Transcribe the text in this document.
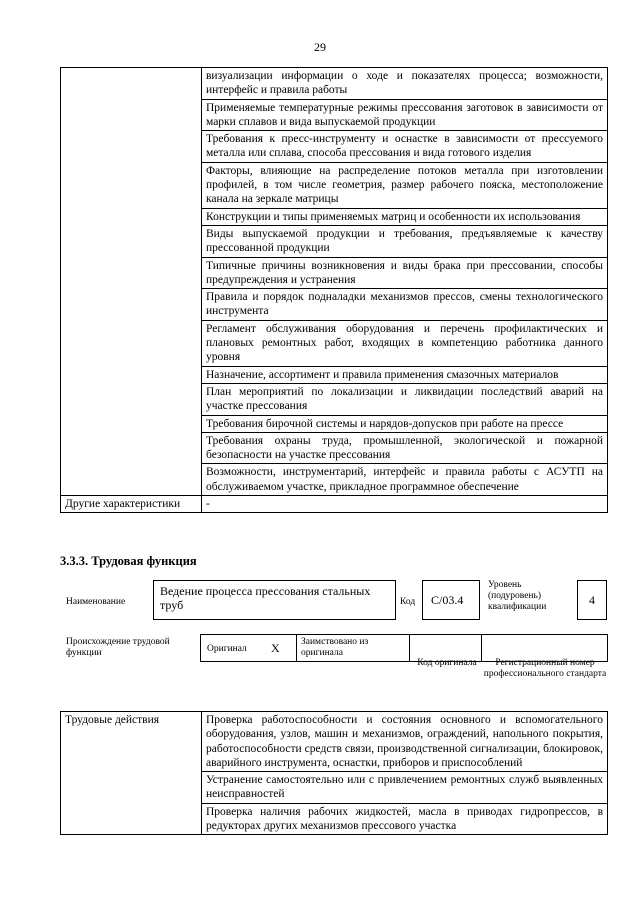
29
	визуализации информации о ходе и показателях процесса; возможности, интерфейс и правила работы
	Применяемые температурные режимы прессования заготовок в зависимости от марки сплавов и вида выпускаемой продукции
	Требования к пресс-инструменту и оснастке в зависимости от прессуемого металла или сплава, способа прессования и вида готового изделия
	Факторы, влияющие на распределение потоков металла при изготовлении профилей, в том числе геометрия, размер рабочего пояска, местоположение канала на зеркале матрицы
	Конструкции и типы применяемых матриц и особенности их использования
	Виды выпускаемой продукции и требования, предъявляемые к качеству прессованной продукции
	Типичные причины возникновения и виды брака при прессовании, способы предупреждения и устранения
	Правила и порядок подналадки механизмов прессов, смены технологического инструмента
	Регламент обслуживания оборудования и перечень профилактических и плановых ремонтных работ, входящих в компетенцию работника данного уровня
	Назначение, ассортимент и правила применения смазочных материалов
	План мероприятий по локализации и ликвидации последствий аварий на участке прессования
	Требования бирочной системы и нарядов-допусков при работе на прессе
	Требования охраны труда, промышленной, экологической и пожарной безопасности на участке прессования
	Возможности, инструментарий, интерфейс и правила работы с АСУТП на обслуживаемом участке, прикладное программное обеспечение
Другие характеристики	-
3.3.3. Трудовая функция
Наименование
Ведение процесса прессования стальных труб	Код	C/03.4
Уровень (подуровень) квалификации	4
Происхождение трудовой функции	Оригинал X Заимствовано из оригинала
Код оригинала	Регистрационный номер профессионального стандарта
Трудовые действия	Проверка работоспособности и состояния основного и вспомогательного оборудования, узлов, машин и механизмов, ограждений, напольного покрытия, работоспособности средств связи, производственной сигнализации, блокировок, аварийного инструмента, оснастки, приборов и приспособлений
Устранение самостоятельно или с привлечением ремонтных служб выявленных неисправностей
Проверка наличия рабочих жидкостей, масла в приводах гидропрессов, в редукторах других механизмов прессового участка
